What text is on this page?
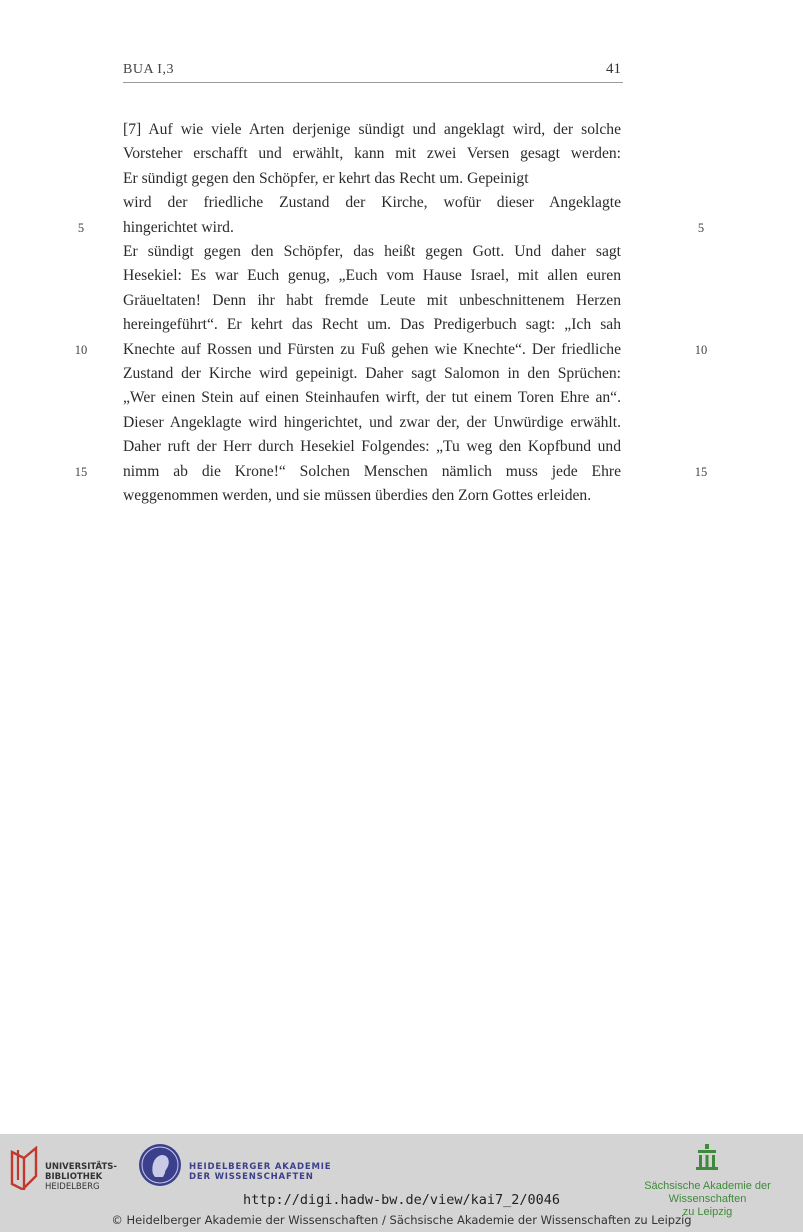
BUA I,3	41
[7] Auf wie viele Arten derjenige sündigt und angeklagt wird, der solche
Vorsteher erschafft und erwählt, kann mit zwei Versen gesagt werden:
Er sündigt gegen den Schöpfer, er kehrt das Recht um. Gepeinigt
wird der friedliche Zustand der Kirche, wofür dieser Angeklagte
hingerichtet wird.
Er sündigt gegen den Schöpfer, das heißt gegen Gott. Und daher sagt
Hesekiel: Es war Euch genug, „Euch vom Hause Israel, mit allen euren
Gräueltaten! Denn ihr habt fremde Leute mit unbeschnittenem Herzen
hereingeführt“. Er kehrt das Recht um. Das Predigerbuch sagt: „Ich sah
Knechte auf Rossen und Fürsten zu Fuß gehen wie Knechte“. Der friedliche
Zustand der Kirche wird gepeinigt. Daher sagt Salomon in den Sprüchen:
„Wer einen Stein auf einen Steinhaufen wirft, der tut einem Toren Ehre an“.
Dieser Angeklagte wird hingerichtet, und zwar der, der Unwürdige erwählt.
Daher ruft der Herr durch Hesekiel Folgendes: „Tu weg den Kopfbund und
nimm ab die Krone!“ Solchen Menschen nämlich muss jede Ehre
weggenommen werden, und sie müssen überdies den Zorn Gottes erleiden.
5	5
10	10
15	15
UNIVERSITÄTS-
BIBLIOTHEK
HEIDELBERG
HEIDELBERGER AKADEMIE
DER WISSENSCHAFTEN
Sächsische Akademie der Wissenschaften
zu Leipzig
http://digi.hadw-bw.de/view/kai7_2/0046
© Heidelberger Akademie der Wissenschaften / Sächsische Akademie der Wissenschaften zu Leipzig
